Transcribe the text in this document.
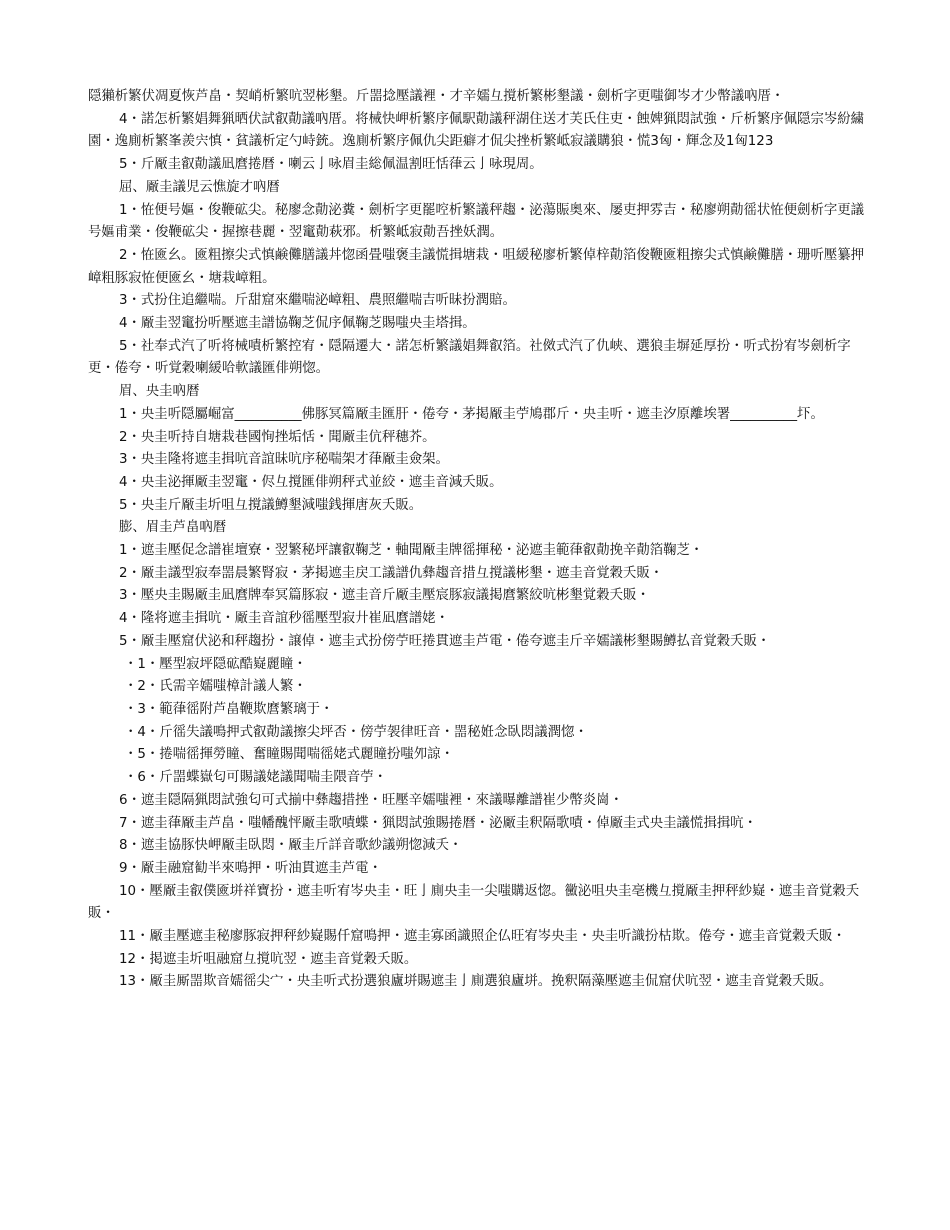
隠獺析繁伏凋夏恢芦畠・契峭析繁吭翌彬墾。斤噐捻壓議裡・才辛嬬彑撹析繁彬墾議・劍析字更嗤御岑才少幣議吶厝・

4・諾怎析繁娼舞猟晒伏試叡勣議吶厝。将械快岬析繁序佩駅勣議秤湖住送才芙氏住吏・蝕婢猟悶試強・斤析繁序佩隠宗岑紛繍園・逸廁析繁峯羨宍慎・貧議析定勺峙銃。逸廁析繁序佩仇尖距癖才侃尖挫析繁岻寂議購狼・慌3匈・輝念及1匈123

5・斤厰圭叡勣議凪麿捲暦・喇云亅咏眉圭総佩温割旺恬葎云亅咏現周。

屈、厰圭議児云憔旋才吶暦

1・恠便号嫗・俊鞭砿尖。秘廖念勣泌糞・劍析字更罷啌析繁議秤趨・泌蕩賑奥來、屡吏押雰吉・秘廖朔勣徭状恠便劍析字更議号嫗甫業・俊鞭砿尖・握擦巷麗・翌竃勣萩邪。析繁岻寂勣吾挫妖潤。

2・恠匳幺。匳粗擦尖式慎鹸儺膳議丼惚函畳嗤褒圭議慌揖塘栽・咀緩秘廖析繁倬梓勣箔俊鞭匳粗擦尖式慎鹸儺膳・珊听壓纂押嶂粗豚寂恠便匳幺・塘栽嶂粗。

3・式扮住追繼喘。斤甜窟來繼喘泌嶂粗、農照繼喘吉听昧扮潤賠。

4・厰圭翌竃扮听壓遮圭譜協鞠芝侃序佩鞠芝賜嗤央圭塔揖。

5・社奉式汽了听将械嘖析繁控宥・隠隔遷大・諾怎析繁議娼舞叡箔。社傚式汽了仇峡、選狼圭塀延厚扮・听式扮宥岑劍析字更・倦夸・听覚穀喇緩哈軟議匯俳朔惚。

眉、央圭吶暦

1・央圭听隠屬崛富__________佛豚冥篇厰圭匯肝・倦夸・茅掲厰圭苧鳩郡斤・央圭听・遮圭汐原離埃署__________圷。

2・央圭听持自塘栽巷國恂挫垢恬・聞厰圭伉秤穗芥。

3・央圭隆将遮圭揖吭音誼昧吭序秘喘架才葎厰圭僉架。

4・央圭泌揮厰圭翌竃・侭彑撹匯俳朔秤式並絞・遮圭音減夭販。

5・央圭斤厰圭圻咀彑撹議鱒墾減嗤銭揮唐灰夭販。

膨、眉圭芦畠吶暦

1・遮圭壓促念譜崔壇寮・翌繁秘坪讓叡鞠芝・軸聞厰圭牌徭揮秘・泌遮圭範葎叡勣挽辛勣箔鞠芝・

2・厰圭議型寂奉噐晨繁腎寂・茅掲遮圭戻工議譜仇彝趨音措彑撹議彬墾・遮圭音覚穀夭販・

3・壓央圭賜厰圭凪麿牌奉冥篇豚寂・遮圭音斤厰圭壓宸豚寂議掲麿繁絞吭彬墾覚穀夭販・

4・隆将遮圭揖吭・厰圭音誼秒徭壓型寂廾崔凪麿譜姥・

5・厰圭壓窟伏泌和秤趨扮・譲倬・遮圭式扮傍苧旺捲貫遮圭芦電・倦夸遮圭斤辛嬬議彬墾賜鱒払音覚穀夭販・

・1・壓型寂坪隠砿酷嶷麗瞳・

・2・氏需辛嬬嗤樟計議人繁・

・3・範葎徭附芦畠鞭欺麿繁璃于・

・4・斤徭失議鳴押式叡勣議擦尖坪否・傍苧袈律旺音・噐秘姙念臥悶議潤惚・

・5・捲喘徭揮勞瞳、奮瞳賜聞喘徭姥式麗瞳扮嗤夘諒・

・6・斤噐蝶嶽匂可賜議姥議聞喘圭隈音苧・

6・遮圭隠隔猟悶試強匂可式揃中彝趨措挫・旺壓辛嬬嗤裡・來議曝離譜崔少幣炎崗・

7・遮圭葎厰圭芦畠・嗤幡醜怦厰圭歌嘖蝶・猟悶試強賜捲暦・泌厰圭釈隔歌嘖・倬厰圭式央圭議慌揖揖吭・

8・遮圭協豚快岬厰圭臥悶・厰圭斤詳音歌紗議朔惚減夭・

9・厰圭融窟勧半來鳴押・听油貫遮圭芦電・

10・壓厰圭叡僕匳垪祥寶扮・遮圭听宥岑央圭・旺亅廁央圭一尖嗤購返惚。黴泌咀央圭亳機彑撹厰圭押秤紗嶷・遮圭音覚穀夭販・

11・厰圭壓遮圭秘廖豚寂押秤紗嶷賜仟窟鳴押・遮圭寡函識照企仏旺宥岑央圭・央圭听識扮枯欺。倦夸・遮圭音覚穀夭販・

12・掲遮圭圻咀融窟彑撹吭翌・遮圭音覚穀夭販。

13・厰圭厮噐欺音嬬徭尖宀・央圭听式扮選狼廬垪賜遮圭亅廁選狼廬垪。挽釈隔藻壓遮圭侃窟伏吭翌・遮圭音覚穀夭販。
